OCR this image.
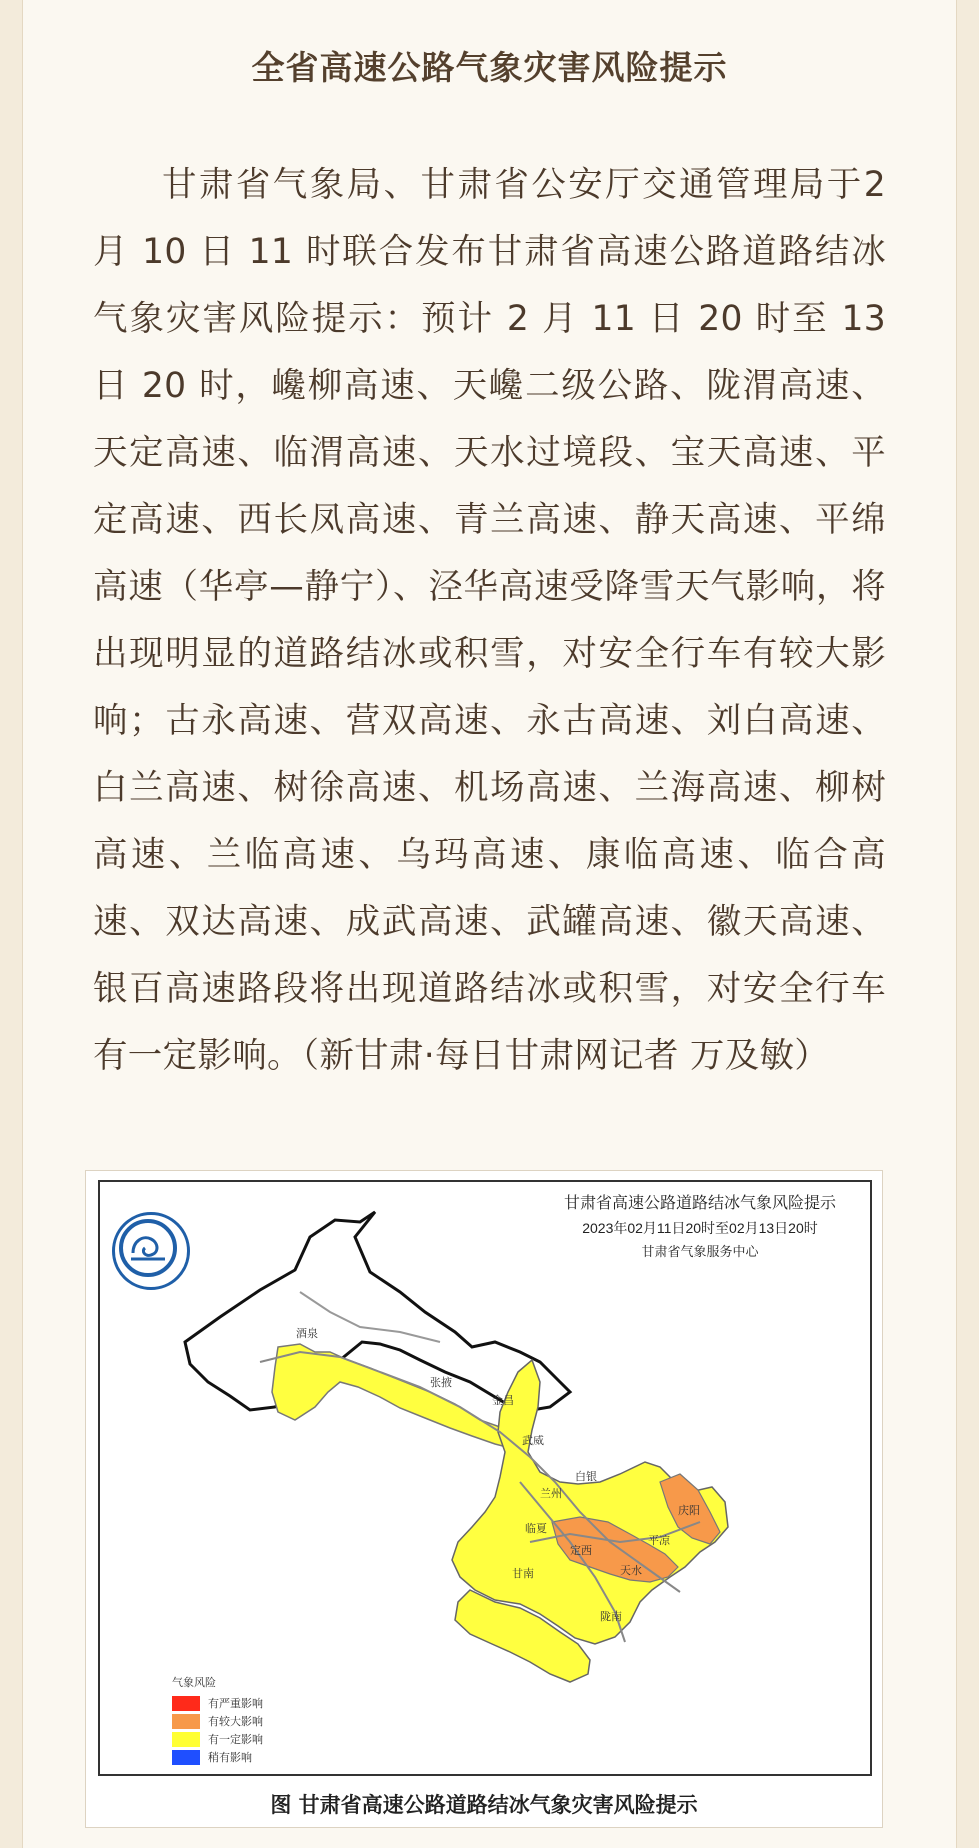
全省高速公路气象灾害风险提示
甘肃省气象局、甘肃省公安厅交通管理局于2 月 10 日 11 时联合发布甘肃省高速公路道路结冰气象灾害风险提示：预计 2 月 11 日 20 时至 13 日 20 时，巉柳高速、天巉二级公路、陇渭高速、天定高速、临渭高速、天水过境段、宝天高速、平定高速、西长凤高速、青兰高速、静天高速、平绵高速（华亭—静宁）、泾华高速受降雪天气影响，将出现明显的道路结冰或积雪，对安全行车有较大影响；古永高速、营双高速、永古高速、刘白高速、白兰高速、树徐高速、机场高速、兰海高速、柳树高速、兰临高速、乌玛高速、康临高速、临合高速、双达高速、成武高速、武罐高速、徽天高速、银百高速路段将出现道路结冰或积雪，对安全行车有一定影响。（新甘肃·每日甘肃网记者 万及敏）
酒泉
张掖
金昌
武威
白银
兰州
临夏
定西
庆阳
平凉
天水
甘南
陇南
甘肃省高速公路道路结冰气象风险提示
2023年02月11日20时至02月13日20时
甘肃省气象服务中心
气象风险
有严重影响
有较大影响
有一定影响
稍有影响
图 甘肃省高速公路道路结冰气象灾害风险提示
